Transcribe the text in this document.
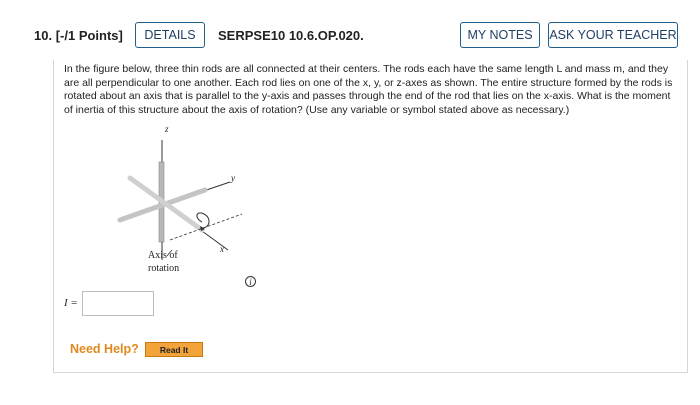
10. [-/1 Points]	DETAILS	SERPSE10 10.6.OP.020.	MY NOTES	ASK YOUR TEACHER
In the figure below, three thin rods are all connected at their centers. The rods each have the same length L and mass m, and they are all perpendicular to one another. Each rod lies on one of the x, y, or z-axes as shown. The entire structure formed by the rods is rotated about an axis that is parallel to the y-axis and passes through the end of the rod that lies on the x-axis. What is the moment of inertia of this structure about the axis of rotation? (Use any variable or symbol stated above as necessary.)
z
y
x
Axis of
rotation
i
I =
Need Help?	Read It
